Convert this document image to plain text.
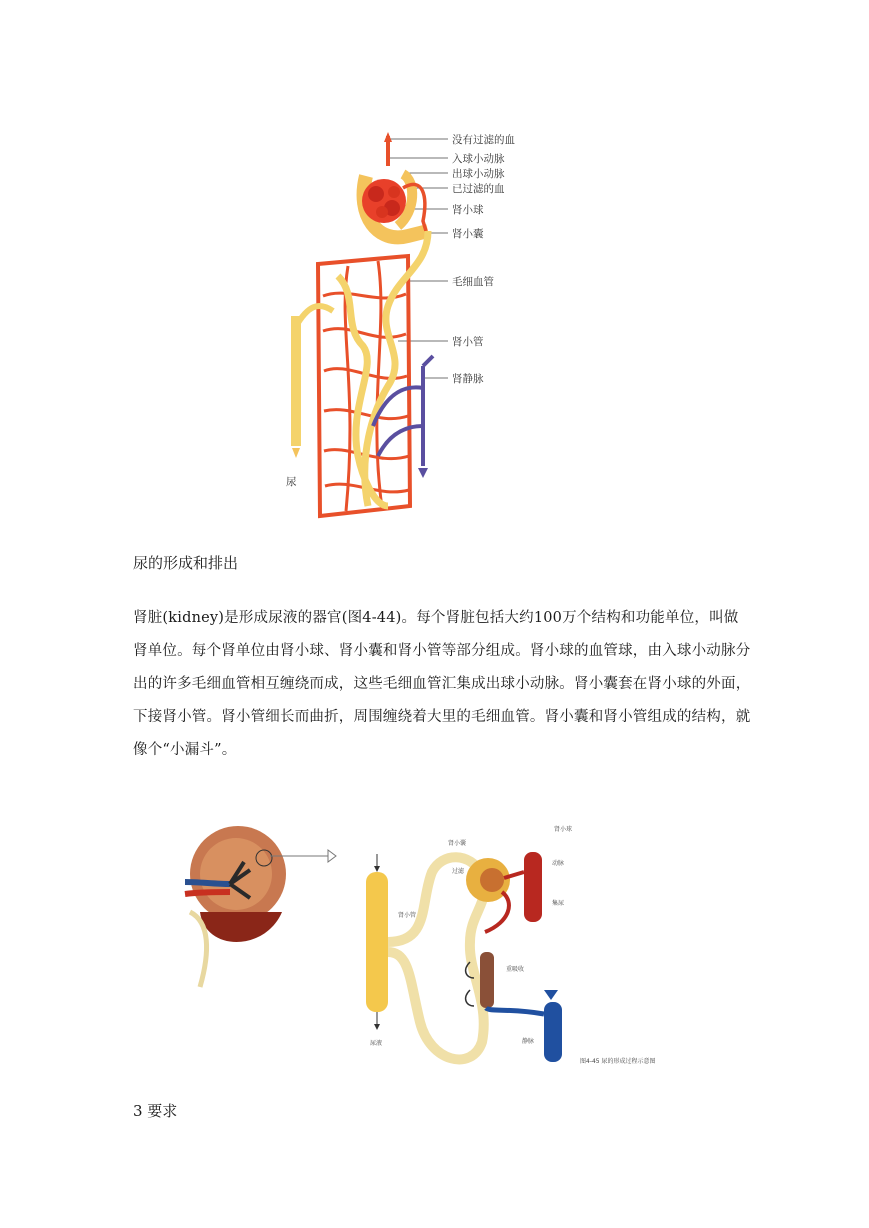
没有过滤的血
入球小动脉
出球小动脉
已过滤的血
肾小球
肾小囊
毛细血管
肾小管
肾静脉
尿
尿的形成和排出
肾脏(kidney)是形成尿液的器官(图4-44)。每个肾脏包括大约100万个结构和功能单位，叫做肾单位。每个肾单位由肾小球、肾小囊和肾小管等部分组成。肾小球的血管球，由入球小动脉分出的许多毛细血管相互缠绕而成，这些毛细血管汇集成出球小动脉。肾小囊套在肾小球的外面，下接肾小管。肾小管细长而曲折，周围缠绕着大里的毛细血管。肾小囊和肾小管组成的结构，就像个“小漏斗”。
肾小球
肾小囊
过滤
动脉
肾小管
集尿
重吸收
尿液	静脉
图4-45 尿的形成过程示意图
3 要求
